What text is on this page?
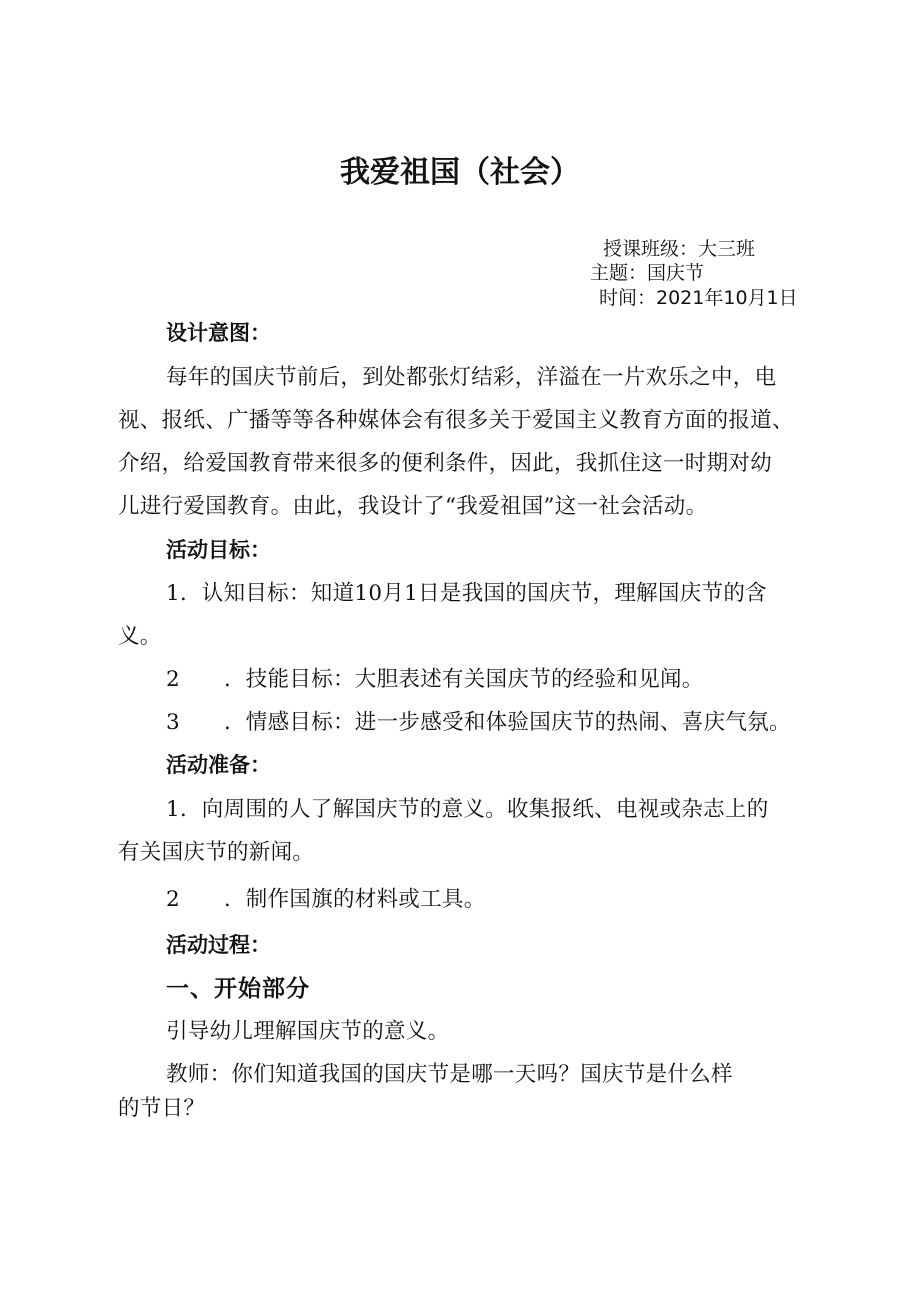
我爱祖国（社会）
授课班级：大三班
主题：国庆节
时间：2021年10月1日
设计意图：

每年的国庆节前后，到处都张灯结彩，洋溢在一片欢乐之中，电

视、报纸、广播等等各种媒体会有很多关于爱国主义教育方面的报道、

介绍，给爱国教育带来很多的便利条件，因此，我抓住这一时期对幼

儿进行爱国教育。由此，我设计了“我爱祖国”这一社会活动。

活动目标：

1．认知目标：知道10月1日是我国的国庆节，理解国庆节的含

义。

2 ．技能目标：大胆表述有关国庆节的经验和见闻。

3 ．情感目标：进一步感受和体验国庆节的热闹、喜庆气氛。

活动准备：

1．向周围的人了解国庆节的意义。收集报纸、电视或杂志上的

有关国庆节的新闻。

2 ．制作国旗的材料或工具。

活动过程：
一、开始部分

引导幼儿理解国庆节的意义。

教师：你们知道我国的国庆节是哪一天吗？国庆节是什么样

的节日？
